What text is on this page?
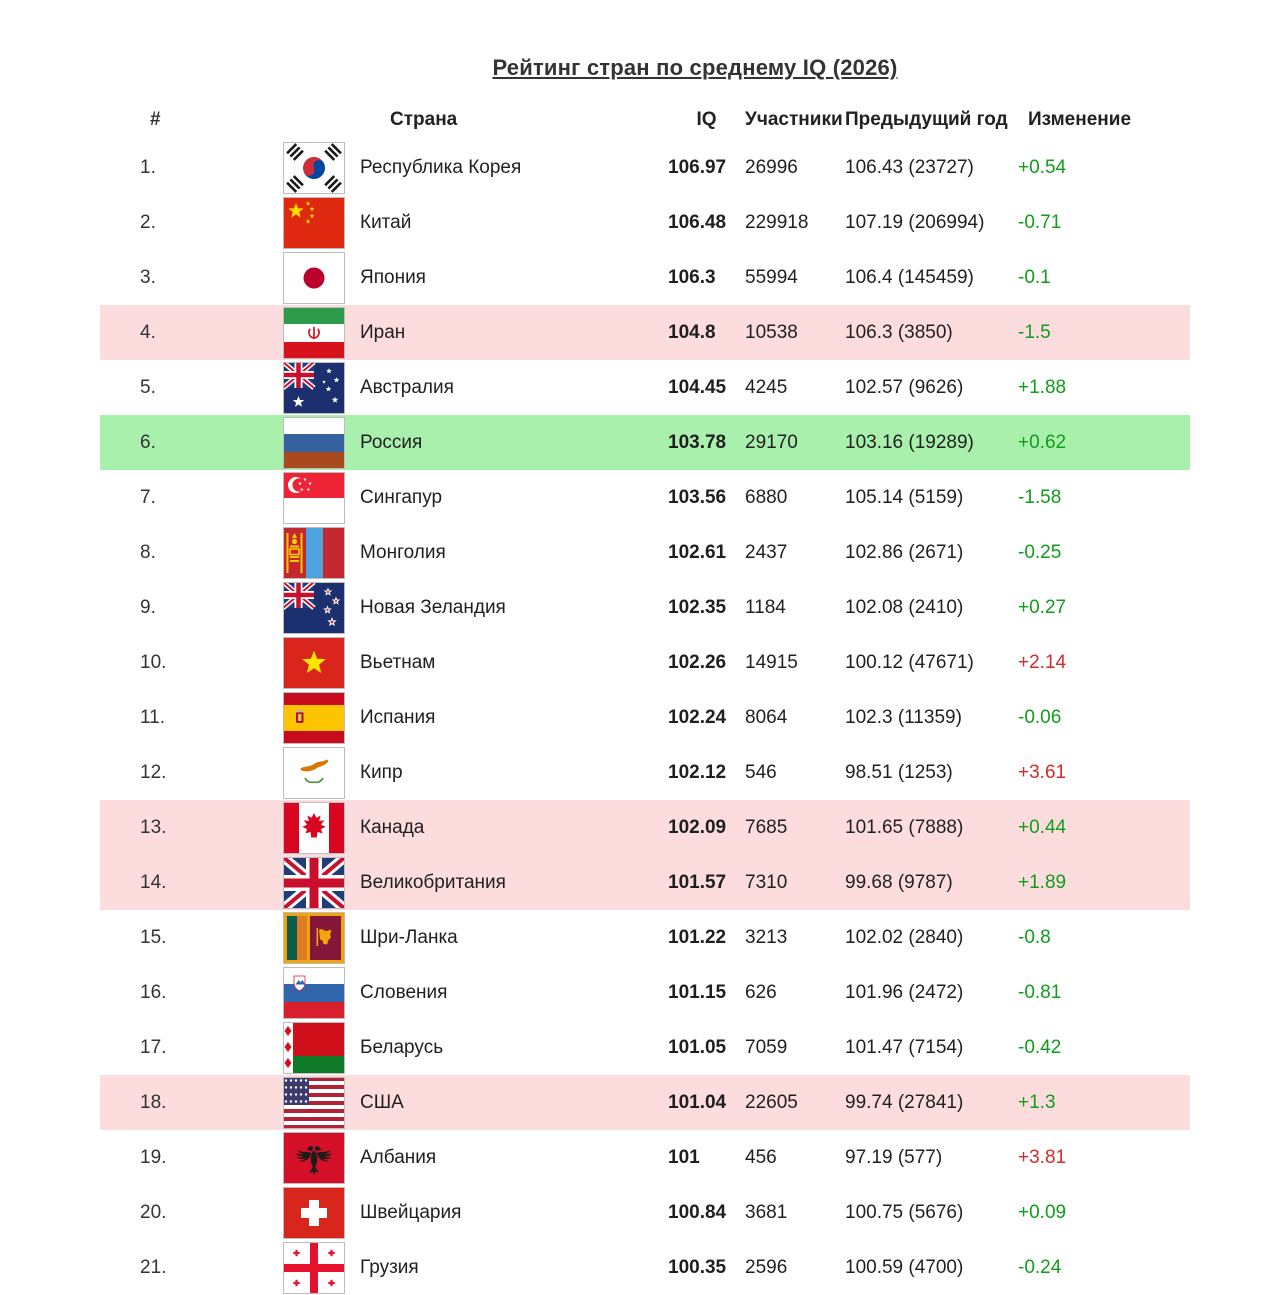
Рейтинг стран по среднему IQ (2026)
#	Страна	IQ	Участники Предыдущий год	Изменение
1.	Республика Корея	106.97 26996	106.43 (23727)	+0.54
2.	Китай	106.48 229918	107.19 (206994)	-0.71
3.	Япония	106.3	55994	106.4 (145459)	-0.1
4.	Иран	104.8	10538	106.3 (3850)	-1.5
5.	Австралия	104.45 4245	102.57 (9626)	+1.88
6.	Россия	103.78 29170	103.16 (19289)	+0.62
7.	Сингапур	103.56 6880	105.14 (5159)	-1.58
8.	Монголия	102.61 2437	102.86 (2671)	-0.25
9.	Новая Зеландия	102.35 1184	102.08 (2410)	+0.27
10.	Вьетнам	102.26 14915	100.12 (47671)	+2.14
11.	Испания	102.24 8064	102.3 (11359)	-0.06
12.	Кипр	102.12 546	98.51 (1253)	+3.61
13.	Канада	102.09 7685	101.65 (7888)	+0.44
14.	Великобритания	101.57 7310	99.68 (9787)	+1.89
15.	Шри-Ланка	101.22 3213	102.02 (2840)	-0.8
16.	Словения	101.15 626	101.96 (2472)	-0.81
17.	Беларусь	101.05 7059	101.47 (7154)	-0.42
18.	США	101.04 22605	99.74 (27841)	+1.3
19.	Албания	101	456	97.19 (577)	+3.81
20.	Швейцария	100.84 3681	100.75 (5676)	+0.09
21.	Грузия	100.35 2596	100.59 (4700)	-0.24
